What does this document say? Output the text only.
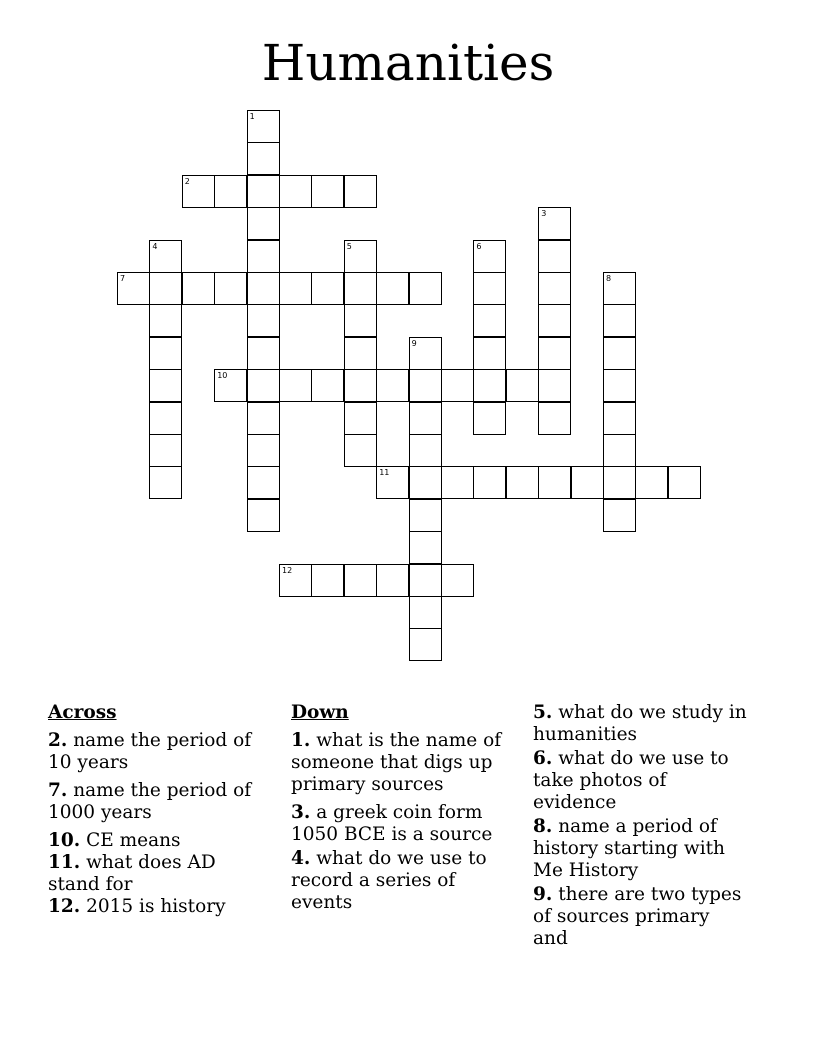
Humanities
1
2
3
4	5	6
7	8
9
10
11
12
Across
2. name the period of 10 years
7. name the period of 1000 years
10. CE means
11. what does AD stand for
12. 2015 is history
Down
1. what is the name of someone that digs up primary sources
3. a greek coin form 1050 BCE is a source
4. what do we use to record a series of events
5. what do we study in humanities
6. what do we use to take photos of evidence
8. name a period of history starting with Me History
9. there are two types of sources primary and
